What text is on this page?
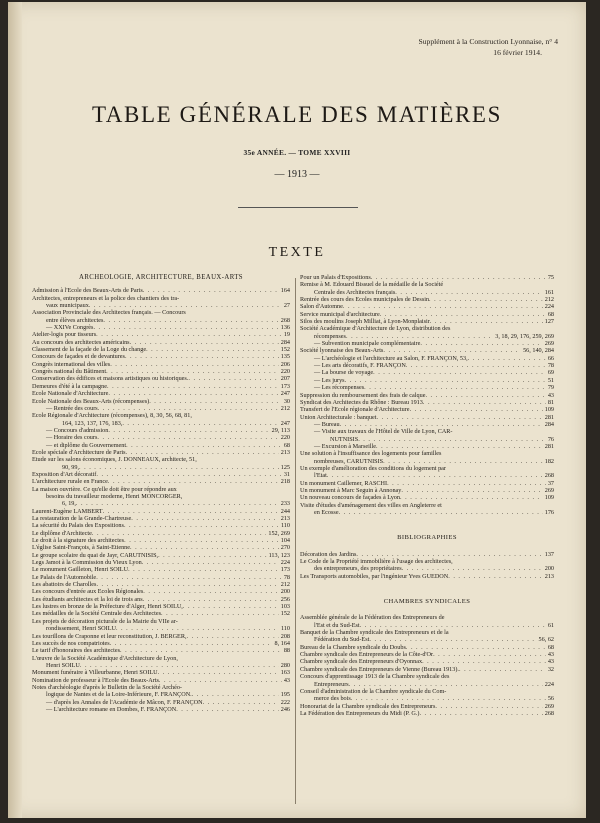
Supplément à la Construction Lyonnaise, n° 4
16 février 1914.
TABLE GÉNÉRALE DES MATIÈRES
35e ANNÉE. — TOME XXVIII
— 1913 —
TEXTE
ARCHEOLOGIE, ARCHITECTURE, BEAUX-ARTS
Admission à l'Ecole des Beaux-Arts de Paris . . .	164
Architectes, entrepreneurs et la police des chantiers des tra-
vaux municipaux . . .	27
Association Provinciale des Architectes français. — Concours
entre élèves architectes . . .	268
— XXIVe Congrès . . .	136
Atelier-logis pour tisseurs . . .	19
Au concours des architectes américains . . .	284
Classement de la façade de la Loge du change . . .	152
Concours de façades et de devantures . . .	135
Congrès international des villes . . .	206
Congrès national du Bâtiment . . .	220
Conservation des édifices et maisons artistiques ou historiques. . . .	207
Demeures d'été à la campagne . . .	173
Ecole Nationale d'Architecture . . .	247
Ecole Nationale des Beaux-Arts (récompenses) . . .	30
— Rentrée des cours . . .	212
Ecole Régionale d'Architecture (récompenses), 8, 30, 56, 68, 81,
164, 123, 137, 176, 183, . . .	247
— Concours d'admission . . .	29, 113
— Horaire des cours . . .	220
— et diplôme du Gouvernement . . .	68
Ecole spéciale d'Architecture de Paris . . .	213
Etude sur les salons économiques, J. DONNEAUX, architecte, 51,
90, 99, . . .	125
Exposition d'Art décoratif . . .	31
L'architecture rurale en France . . .	218
La maison ouvrière. Ce qu'elle doit être pour répondre aux
besoins du travailleur moderne, Henri MONCORGER,
6, 19, . . .	233
Laurent-Eugène LAMBERT . . .	244
La restauration de la Grande-Chartreuse . . .	213
La sécurité du Palais des Expositions . . .	110
Le diplôme d'Architecte . . .	152, 269
Le droit à la signature des architectes . . .	104
L'église Saint-François, à Saint-Etienne . . .	270
Le groupe scolaire du quai de Jayr, CARUTNISIS, . . .	113, 123
Legs Jamot à la Commission du Vieux Lyon . . .	224
Le monument Gailleton, Henri SOILU . . .	173
Le Palais de l'Automobile . . .	78
Les abattoirs de Charolles . . .	212
Les concours d'entrée aux Ecoles Régionales . . .	200
Les étudiants architectes et la loi de trois ans . . .	256
Les lustres en bronze de la Préfecture d'Alger, Henri SOILU, . . .	103
Les médailles de la Société Centrale des Architectes . . .	152
Les projets de décoration picturale de la Mairie du VIIe ar-
rondissement, Henri SOILU . . .	110
Les tourillons de Craponne et leur reconstitution, J. BERGER, . . .	208
Les succès de nos compatriotes . . .	8, 164
Le tarif d'honoraires des architectes . . .	88
L'œuvre de la Société Académique d'Architecture de Lyon,
Henri SOILU . . .	280
Monument funéraire à Villeurbanne, Henri SOILU . . .	163
Nomination de professeur à l'Ecole des Beaux-Arts . . .	43
Notes d'archéologie d'après le Bulletin de la Société Archéo-
logique de Nantes et de la Loire-Inférieure, F. FRANÇON. . . .	195
— d'après les Annales de l'Académie de Mâcon, F. FRANÇON . . .	222
— L'architecture romane en Dombes, F. FRANÇON . . .	246
Pour un Palais d'Expositions . . .	75
Remise à M. Edouard Bissuel de la médaille de la Société
Centrale des Architectes français . . .	161
Rentrée des cours des Ecoles municipales de Dessin . . .	212
Salon d'Automne . . .	224
Service municipal d'architecture . . .	68
Silos des moulins Joseph Milliat, à Lyon-Monplaisir . . .	127
Société Académique d'Architecture de Lyon, distribution des
récompenses . . .	3, 18, 29, 176, 259, 269
— Subvention municipale complémentaire . . .	269
Société lyonnaise des Beaux-Arts . . .	56, 140, 284
— L'archéologie et l'architecture au Salon, F. FRANÇON, 53, . . .	66
— Les arts décoratifs, F. FRANÇON . . .	78
— La bourse de voyage . . .	69
— Les jurys . . .	51
— Les récompenses . . .	79
Suppression du remboursement des frais de calque . . .	43
Syndicat des Architectes du Rhône : Bureau 1913 . . .	81
Transfert de l'Ecole régionale d'Architecture . . .	109
Union Architecturale : banquet . . .	281
— Bureau . . .	284
— Visite aux travaux de l'Hôtel de Ville de Lyon, CAR-
NUTNISIS . . .	76
— Excursion à Marseille . . .	281
Une solution à l'insuffisance des logements pour familles
nombreuses, CARUTNISIS . . .	182
Un exemple d'amélioration des conditions du logement par
l'Etat . . .	268
Un monument Caillemer, RASCHI . . .	37
Un monument à Marc Seguin à Annonay . . .	269
Un nouveau concours de façades à Lyon . . .	109
Visite d'études d'aménagement des villes en Angleterre et
en Ecosse . . .	176
BIBLIOGRAPHIES
Décoration des Jardins . . .	137
Le Code de la Propriété immobilière à l'usage des architectes,
des entrepreneurs, des propriétaires . . .	200
Les Transports automobiles, par l'ingénieur Yves GUEDON . . .	213
CHAMBRES SYNDICALES
Assemblée générale de la Fédération des Entrepreneurs de
l'Est et du Sud-Est . . .	61
Banquet de la Chambre syndicale des Entrepreneurs et de la
Fédération du Sud-Est . . .	56, 62
Bureau de la Chambre syndicale du Doubs . . .	68
Chambre syndicale des Entrepreneurs de la Côte-d'Or . . .	43
Chambre syndicale des Entrepreneurs d'Oyonnax . . .	43
Chambre syndicale des Entrepreneurs de Vienne (Bureau 1913). . . .	32
Concours d'apprentissage 1913 de la Chambre syndicale des
Entrepreneurs . . .	224
Conseil d'administration de la Chambre syndicale du Com-
merce des bois . . .	56
Honorariat de la Chambre syndicale des Entrepreneurs . . .	269
La Fédération des Entrepreneurs du Midi (P. G.) . . .	268
